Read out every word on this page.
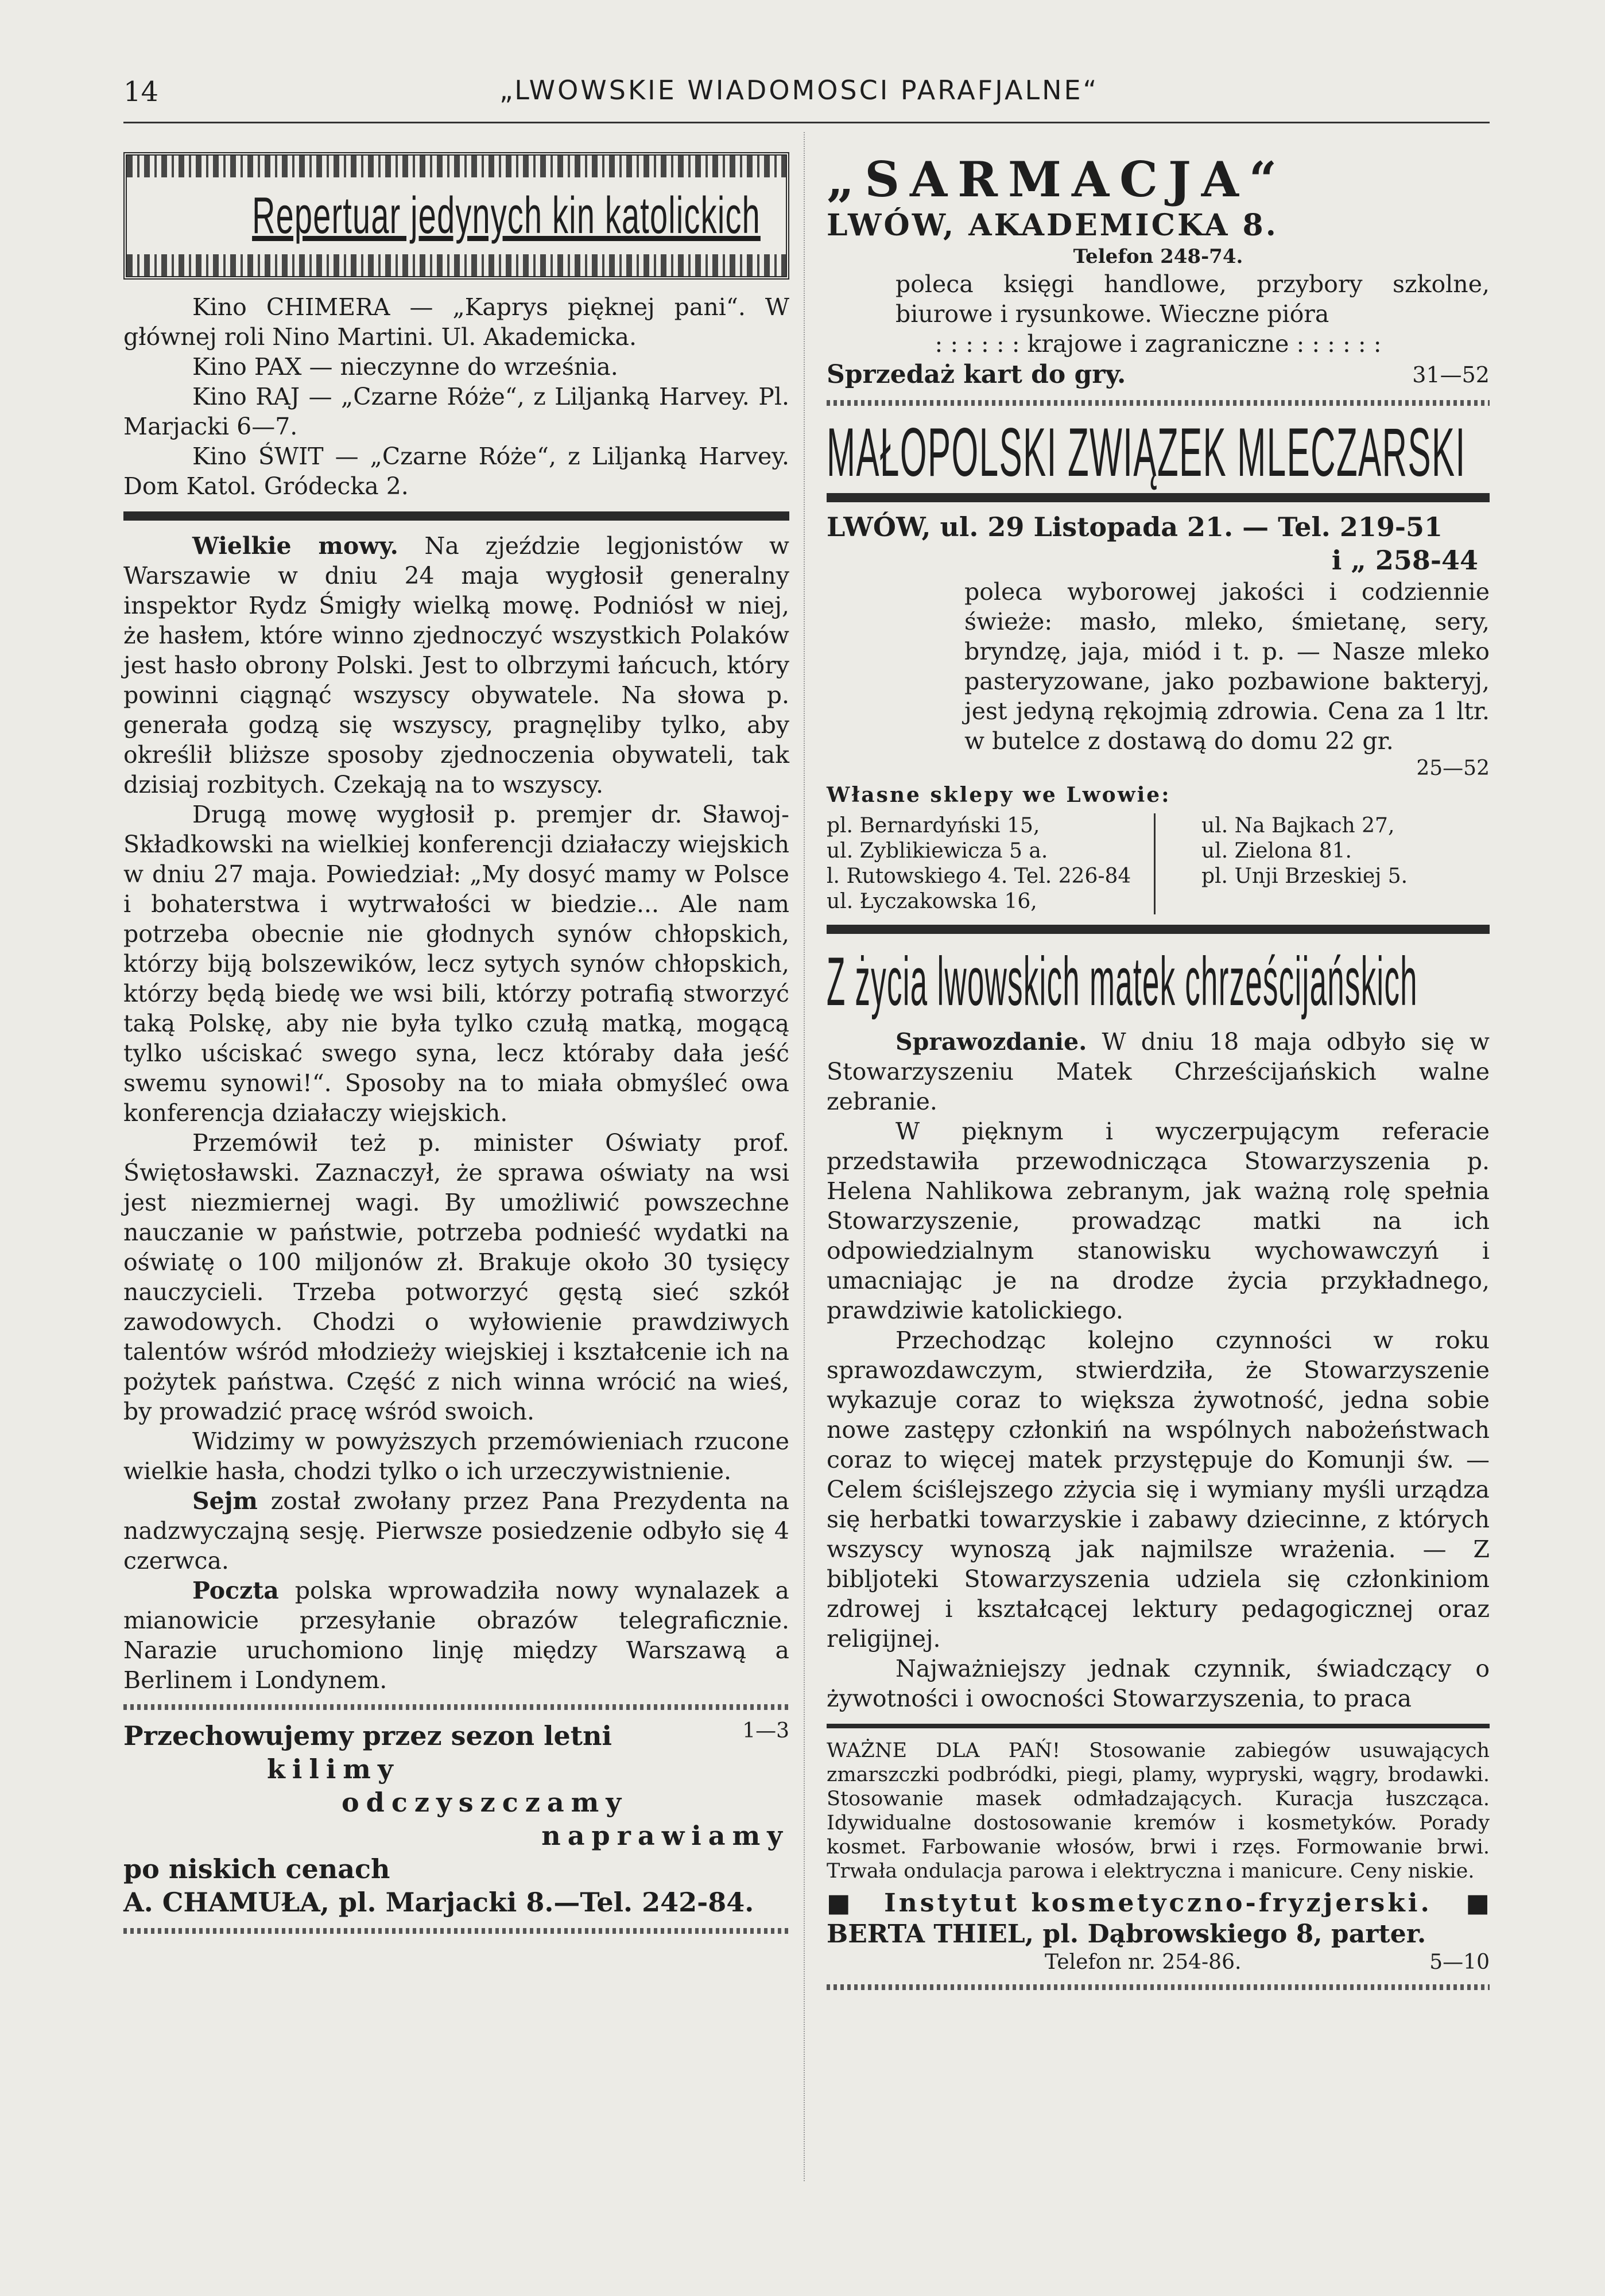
14	„LWOWSKIE WIADOMOSCI PARAFJALNE“
Repertuar jedynych kin katolickich

Kino CHIMERA — „Kaprys pięknej pani“. W głównej roli Nino Martini. Ul. Akademicka.

Kino PAX — nieczynne do września.

Kino RAJ — „Czarne Róże“, z Liljanką Harvey. Pl. Marjacki 6—7.

Kino ŚWIT — „Czarne Róże“, z Liljanką Harvey. Dom Katol. Gródecka 2.

Wielkie mowy. Na zjeździe legjonistów w Warszawie w dniu 24 maja wygłosił generalny inspektor Rydz Śmigły wielką mowę. Podniósł w niej, że hasłem, które winno zjednoczyć wszystkich Polaków jest hasło obrony Polski. Jest to olbrzymi łańcuch, który powinni ciągnąć wszyscy obywatele. Na słowa p. generała godzą się wszyscy, pragnęliby tylko, aby określił bliższe sposoby zjednoczenia obywateli, tak dzisiaj rozbitych. Czekają na to wszyscy.

Drugą mowę wygłosił p. premjer dr. Sławoj-Składkowski na wielkiej konferencji działaczy wiejskich w dniu 27 maja. Powiedział: „My dosyć mamy w Polsce i bohaterstwa i wytrwałości w biedzie... Ale nam potrzeba obecnie nie głodnych synów chłopskich, którzy biją bolszewików, lecz sytych synów chłopskich, którzy będą biedę we wsi bili, którzy potrafią stworzyć taką Polskę, aby nie była tylko czułą matką, mogącą tylko uściskać swego syna, lecz któraby dała jeść swemu synowi!“. Sposoby na to miała obmyśleć owa konferencja działaczy wiejskich.

Przemówił też p. minister Oświaty prof. Świętosławski. Zaznaczył, że sprawa oświaty na wsi jest niezmiernej wagi. By umożliwić powszechne nauczanie w państwie, potrzeba podnieść wydatki na oświatę o 100 miljonów zł. Brakuje około 30 tysięcy nauczycieli. Trzeba potworzyć gęstą sieć szkół zawodowych. Chodzi o wyłowienie prawdziwych talentów wśród młodzieży wiejskiej i kształcenie ich na pożytek państwa. Część z nich winna wrócić na wieś, by prowadzić pracę wśród swoich.

Widzimy w powyższych przemówieniach rzucone wielkie hasła, chodzi tylko o ich urzeczywistnienie.

Sejm został zwołany przez Pana Prezydenta na nadzwyczajną sesję. Pierwsze posiedzenie odbyło się 4 czerwca.

Poczta polska wprowadziła nowy wynalazek a mianowicie przesyłanie obrazów telegraficznie. Narazie uruchomiono linję między Warszawą a Berlinem i Londynem.

Przechowujemy przez sezon letni	1—3
kilimy
odczyszczamy
naprawiamy
po niskich cenach
A. CHAMUŁA, pl. Marjacki 8.—Tel. 242-84.
„SARMACJA“
LWÓW, AKADEMICKA 8.
Telefon 248-74.

poleca księgi handlowe, przybory szkolne, biurowe i rysunkowe. Wieczne pióra

: : : : : : krajowe i zagraniczne : : : : : :

Sprzedaż kart do gry.	31—52
MAŁOPOLSKI ZWIĄZEK MLECZARSKI
LWÓW, ul. 29 Listopada 21. — Tel. 219-51
i „ 258-44

poleca wyborowej jakości i codziennie świeże: masło, mleko, śmietanę, sery, bryndzę, jaja, miód i t. p. — Nasze mleko pasteryzowane, jako pozbawione bakteryj, jest jedyną rękojmią zdrowia. Cena za 1 ltr. w butelce z dostawą do domu 22 gr.

25—52
Własne sklepy we Lwowie:
pl. Bernardyński 15,
ul. Zyblikiewicza 5 a.
l. Rutowskiego 4. Tel. 226-84
ul. Łyczakowska 16,
ul. Na Bajkach 27,
ul. Zielona 81.
pl. Unji Brzeskiej 5.
Z życia lwowskich matek chrześcijańskich

Sprawozdanie. W dniu 18 maja odbyło się w Stowarzyszeniu Matek Chrześcijańskich walne zebranie.

W pięknym i wyczerpującym referacie przedstawiła przewodnicząca Stowarzyszenia p. Helena Nahlikowa zebranym, jak ważną rolę spełnia Stowarzyszenie, prowadząc matki na ich odpowiedzialnym stanowisku wychowawczyń i umacniając je na drodze życia przykładnego, prawdziwie katolickiego.

Przechodząc kolejno czynności w roku sprawozdawczym, stwierdziła, że Stowarzyszenie wykazuje coraz to większa żywotność, jedna sobie nowe zastępy członkiń na wspólnych nabożeństwach coraz to więcej matek przystępuje do Komunji św. — Celem ściślejszego zżycia się i wymiany myśli urządza się herbatki towarzyskie i zabawy dziecinne, z których wszyscy wynoszą jak najmilsze wrażenia. — Z bibljoteki Stowarzyszenia udziela się członkiniom zdrowej i kształcącej lektury pedagogicznej oraz religijnej.

Najważniejszy jednak czynnik, świadczący o żywotności i owocności Stowarzyszenia, to praca

WAŻNE DLA PAŃ! Stosowanie zabiegów usuwających zmarszczki podbródki, piegi, plamy, wypryski, wągry, brodawki. Stosowanie masek odmładzających. Kuracja łuszcząca. Idywidualne dostosowanie kremów i kosmetyków. Porady kosmet. Farbowanie włosów, brwi i rzęs. Formowanie brwi. Trwała ondulacja parowa i elektryczna i manicure. Ceny niskie.

■ Instytut kosmetyczno-fryzjerski. ■
BERTA THIEL, pl. Dąbrowskiego 8, parter.
Telefon nr. 254-86.	5—10
